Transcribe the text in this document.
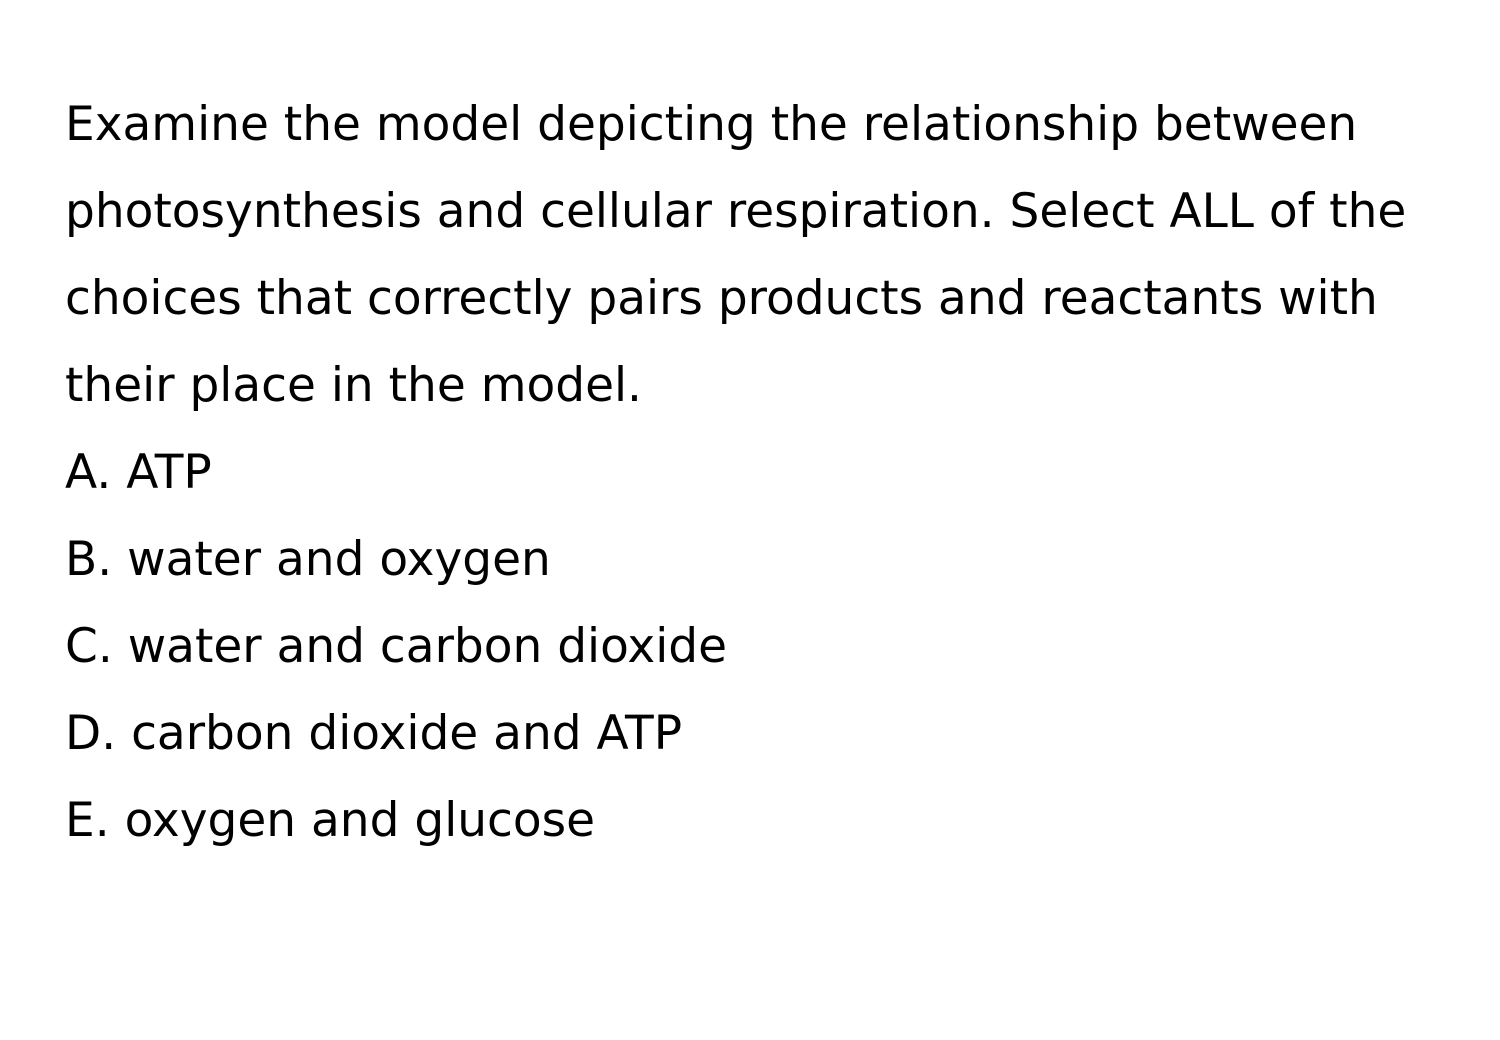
Examine the model depicting the relationship between photosynthesis and cellular respiration. Select ALL of the choices that correctly pairs products and reactants with their place in the model.

A. ATP
B. water and oxygen
C. water and carbon dioxide
D. carbon dioxide and ATP
E. oxygen and glucose
